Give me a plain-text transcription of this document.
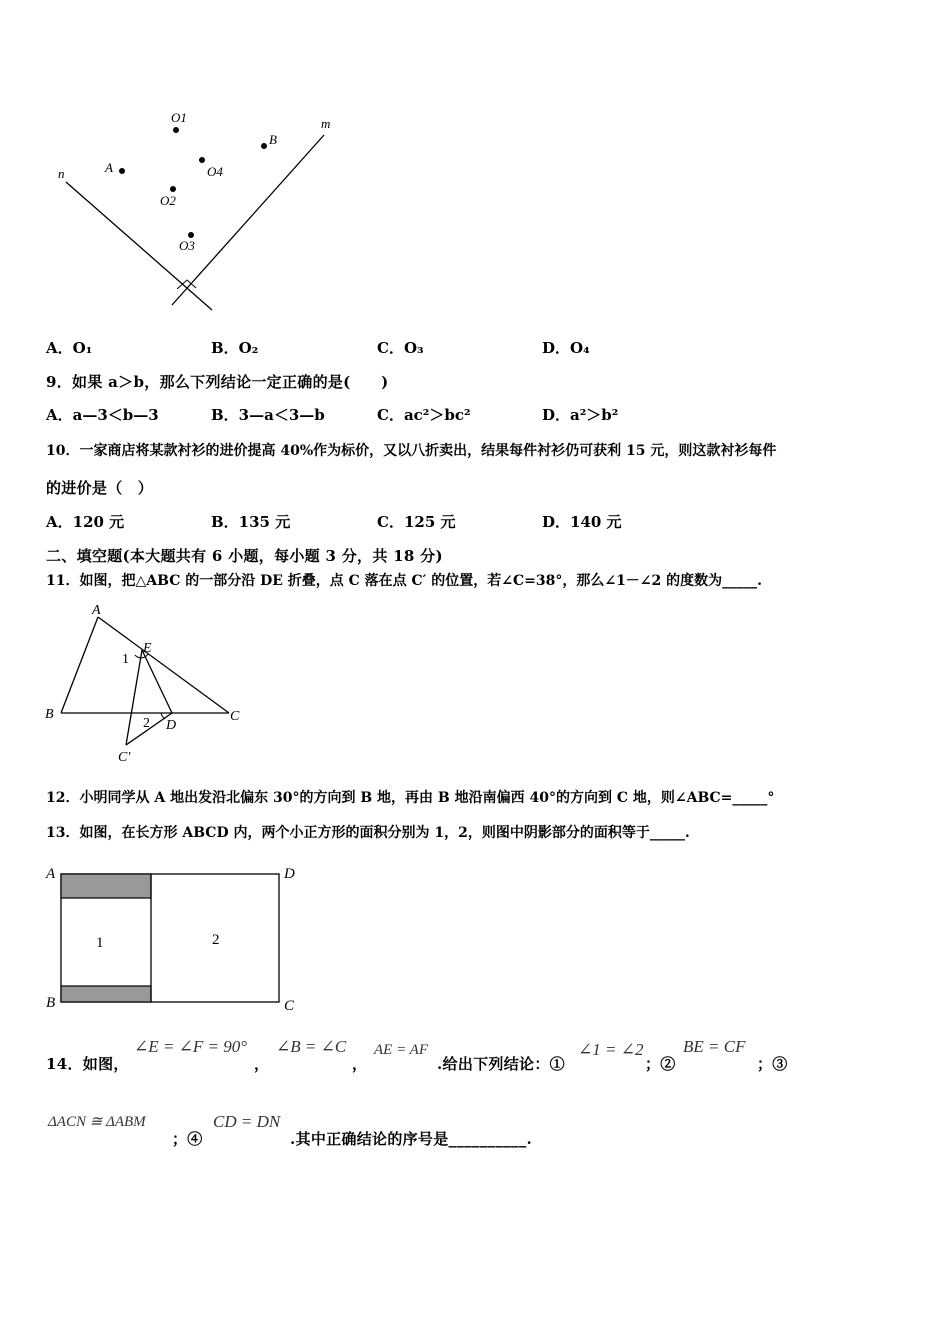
O1
O4
B
m
n	A
O2
O3
A．O₁	B．O₂	C．O₃	D．O₄
9．如果 a＞b，那么下列结论一定正确的是(　　)
A．a—3＜b—3	B．3—a＜3—b	C．ac²＞bc²	D．a²＞b²
10．一家商店将某款衬衫的进价提高 40%作为标价，又以八折卖出，结果每件衬衫仍可获利 15 元，则这款衬衫每件
的进价是（　）
A．120 元	B．135 元	C．125 元	D．140 元
二、填空题(本大题共有 6 小题，每小题 3 分，共 18 分)
11．如图，把△ABC 的一部分沿 DE 折叠，点 C 落在点 C′ 的位置，若∠C=38°，那么∠1－∠2 的度数为_____.
A
E
1
B
2 D
C
C′
12．小明同学从 A 地出发沿北偏东 30°的方向到 B 地，再由 B 地沿南偏西 40°的方向到 C 地，则∠ABC=_____°
13．如图，在长方形 ABCD 内，两个小正方形的面积分别为 1，2，则图中阴影部分的面积等于_____.
A	D
1	2
B	C
14．如图，
∠E = ∠F = 90°
，
∠B = ∠C
，
AE = AF
.给出下列结论：①
∠1 = ∠2
；②
BE = CF
；③
ΔACN ≅ ΔABM
；④
CD = DN
.其中正确结论的序号是__________.
